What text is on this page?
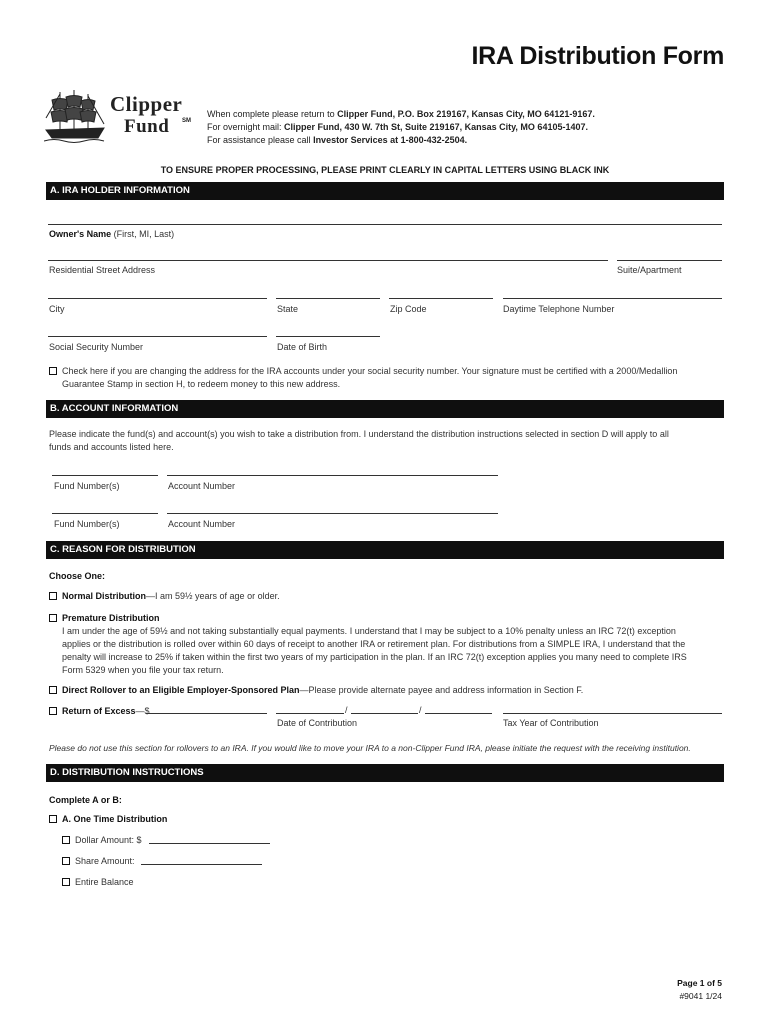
IRA Distribution Form
Clipper
Fund SM
When complete please return to Clipper Fund, P.O. Box 219167, Kansas City, MO 64121-9167.
For overnight mail: Clipper Fund, 430 W. 7th St, Suite 219167, Kansas City, MO 64105-1407.
For assistance please call Investor Services at 1-800-432-2504.
TO ENSURE PROPER PROCESSING, PLEASE PRINT CLEARLY IN CAPITAL LETTERS USING BLACK INK
A. IRA HOLDER INFORMATION
Owner's Name (First, MI, Last)
Residential Street Address	Suite/Apartment
City	State	Zip Code	Daytime Telephone Number
Social Security Number	Date of Birth
Check here if you are changing the address for the IRA accounts under your social security number. Your signature must be certified with a 2000/Medallion
Guarantee Stamp in section H, to redeem money to this new address.
B. ACCOUNT INFORMATION
Please indicate the fund(s) and account(s) you wish to take a distribution from. I understand the distribution instructions selected in section D will apply to all
funds and accounts listed here.
Fund Number(s)	Account Number
Fund Number(s)	Account Number
C. REASON FOR DISTRIBUTION
Choose One:
Normal Distribution—I am 59½ years of age or older.
Premature Distribution
I am under the age of 59½ and not taking substantially equal payments. I understand that I may be subject to a 10% penalty unless an IRC 72(t) exception
applies or the distribution is rolled over within 60 days of receipt to another IRA or retirement plan. For distributions from a SIMPLE IRA, I understand that the
penalty will increase to 25% if taken within the first two years of my participation in the plan. If an IRC 72(t) exception applies you many need to complete IRS
Form 5329 when you file your tax return.
Direct Rollover to an Eligible Employer-Sponsored Plan—Please provide alternate payee and address information in Section F.
Return of Excess—$	/	/
Date of Contribution	Tax Year of Contribution
Please do not use this section for rollovers to an IRA. If you would like to move your IRA to a non-Clipper Fund IRA, please initiate the request with the receiving institution.
D. DISTRIBUTION INSTRUCTIONS
Complete A or B:
A. One Time Distribution
Dollar Amount: $
Share Amount:
Entire Balance
Page 1 of 5
#9041 1/24
